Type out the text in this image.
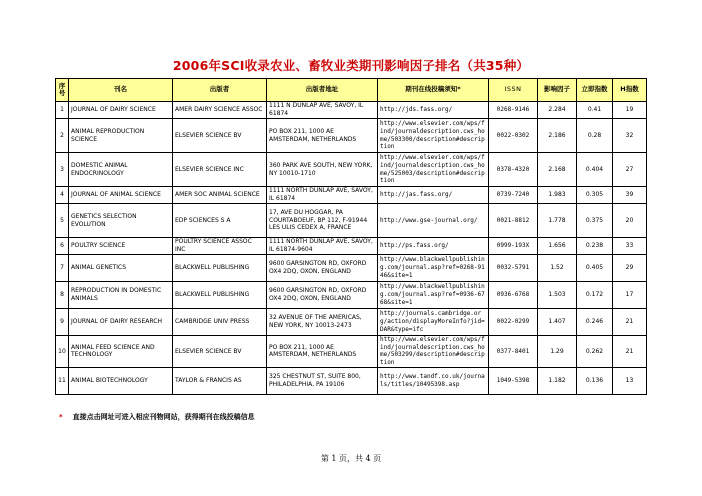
2006年SCI收录农业、畜牧业类期刊影响因子排名（共35种）
序号	刊名	出版者	出版者地址	期刊在线投稿须知*	ISSN	影响因子	立即指数	H指数
1	JOURNAL OF DAIRY SCIENCE	AMER DAIRY SCIENCE ASSOC	1111 N DUNLAP AVE, SAVOY, IL 61874	http://jds.fass.org/	0268-9146	2.284	0.41	19
2	ANIMAL REPRODUCTION SCIENCE	ELSEVIER SCIENCE BV	PO BOX 211, 1000 AE AMSTERDAM, NETHERLANDS	http://www.elsevier.com/wps/find/journaldescription.cws_home/503300/description#description	0022-0302	2.186	0.28	32
3	DOMESTIC ANIMAL ENDOCRINOLOGY	ELSEVIER SCIENCE INC	360 PARK AVE SOUTH, NEW YORK, NY 10010-1710	http://www.elsevier.com/wps/find/journaldescription.cws_home/525003/description#description	0378-4320	2.168	0.404	27
4	JOURNAL OF ANIMAL SCIENCE	AMER SOC ANIMAL SCIENCE	1111 NORTH DUNLAP AVE, SAVOY, IL 61874	http://jas.fass.org/	0739-7240	1.983	0.305	39
5	GENETICS SELECTION EVOLUTION	EDP SCIENCES S A	17, AVE DU HOGGAR, PA COURTABOEUF, BP 112, F-91944 LES ULIS CEDEX A, FRANCE	http://www.gse-journal.org/	0021-8812	1.778	0.375	20
6	POULTRY SCIENCE	POULTRY SCIENCE ASSOC INC	1111 NORTH DUNLAP AVE, SAVOY, IL 61874-9604	http://ps.fass.org/	0999-193X	1.656	0.238	33
7	ANIMAL GENETICS	BLACKWELL PUBLISHING	9600 GARSINGTON RD, OXFORD OX4 2DQ, OXON, ENGLAND	http://www.blackwellpublishing.com/journal.asp?ref=0268-9146&site=1	0032-5791	1.52	0.405	29
8	REPRODUCTION IN DOMESTIC ANIMALS	BLACKWELL PUBLISHING	9600 GARSINGTON RD, OXFORD OX4 2DQ, OXON, ENGLAND	http://www.blackwellpublishing.com/journal.asp?ref=0936-6768&site=1	0936-6768	1.503	0.172	17
9	JOURNAL OF DAIRY RESEARCH	CAMBRIDGE UNIV PRESS	32 AVENUE OF THE AMERICAS, NEW YORK, NY 10013-2473	http://journals.cambridge.org/action/displayMoreInfo?jid=DAR&type=ifc	0022-0299	1.407	0.246	21
10	ANIMAL FEED SCIENCE AND TECHNOLOGY	ELSEVIER SCIENCE BV	PO BOX 211, 1000 AE AMSTERDAM, NETHERLANDS	http://www.elsevier.com/wps/find/journaldescription.cws_home/503299/description#description	0377-8401	1.29	0.262	21
11	ANIMAL BIOTECHNOLOGY	TAYLOR & FRANCIS AS	325 CHESTNUT ST, SUITE 800, PHILADELPHIA, PA 19106	http://www.tandf.co.uk/journals/titles/10495398.asp	1049-5398	1.182	0.136	13
* 直接点击网址可进入相应刊物网站，获得期刊在线投稿信息
第 1 页，共 4 页
